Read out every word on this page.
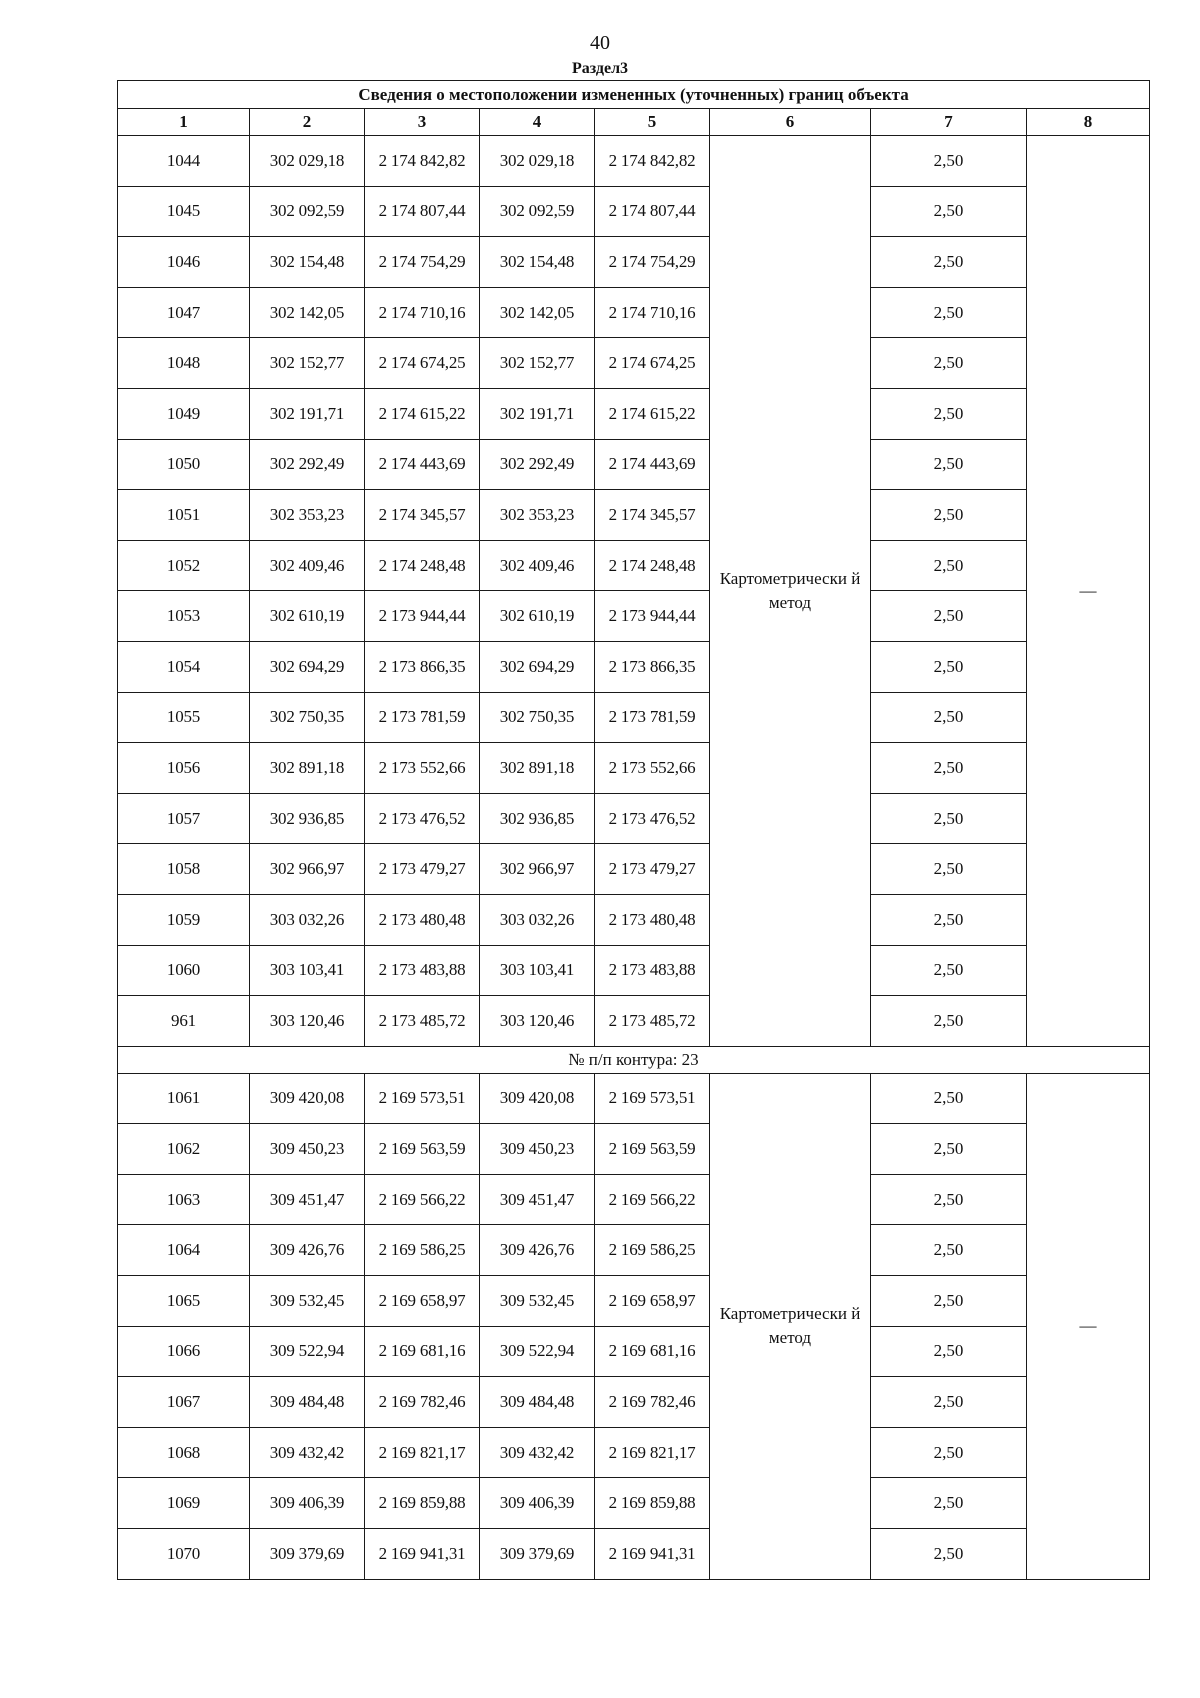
40
Раздел3
Сведения о местоположении измененных (уточненных) границ объекта							
1	2	3	4	5	6	7	8
1044	302 029,18	2 174 842,82	302 029,18	2 174 842,82	Картометрически й метод	2,50	—
1045	302 092,59	2 174 807,44	302 092,59	2 174 807,44		2,50	
1046	302 154,48	2 174 754,29	302 154,48	2 174 754,29		2,50	
1047	302 142,05	2 174 710,16	302 142,05	2 174 710,16		2,50	
1048	302 152,77	2 174 674,25	302 152,77	2 174 674,25		2,50	
1049	302 191,71	2 174 615,22	302 191,71	2 174 615,22		2,50	
1050	302 292,49	2 174 443,69	302 292,49	2 174 443,69		2,50	
1051	302 353,23	2 174 345,57	302 353,23	2 174 345,57		2,50	
1052	302 409,46	2 174 248,48	302 409,46	2 174 248,48		2,50	
1053	302 610,19	2 173 944,44	302 610,19	2 173 944,44		2,50	
1054	302 694,29	2 173 866,35	302 694,29	2 173 866,35		2,50	
1055	302 750,35	2 173 781,59	302 750,35	2 173 781,59		2,50	
1056	302 891,18	2 173 552,66	302 891,18	2 173 552,66		2,50	
1057	302 936,85	2 173 476,52	302 936,85	2 173 476,52		2,50	
1058	302 966,97	2 173 479,27	302 966,97	2 173 479,27		2,50	
1059	303 032,26	2 173 480,48	303 032,26	2 173 480,48		2,50	
1060	303 103,41	2 173 483,88	303 103,41	2 173 483,88		2,50	
961	303 120,46	2 173 485,72	303 120,46	2 173 485,72		2,50	
№ п/п контура: 23							
1061	309 420,08	2 169 573,51	309 420,08	2 169 573,51	Картометрически й метод	2,50	—
1062	309 450,23	2 169 563,59	309 450,23	2 169 563,59		2,50	
1063	309 451,47	2 169 566,22	309 451,47	2 169 566,22		2,50	
1064	309 426,76	2 169 586,25	309 426,76	2 169 586,25		2,50	
1065	309 532,45	2 169 658,97	309 532,45	2 169 658,97		2,50	
1066	309 522,94	2 169 681,16	309 522,94	2 169 681,16		2,50	
1067	309 484,48	2 169 782,46	309 484,48	2 169 782,46		2,50	
1068	309 432,42	2 169 821,17	309 432,42	2 169 821,17		2,50	
1069	309 406,39	2 169 859,88	309 406,39	2 169 859,88		2,50	
1070	309 379,69	2 169 941,31	309 379,69	2 169 941,31		2,50	
